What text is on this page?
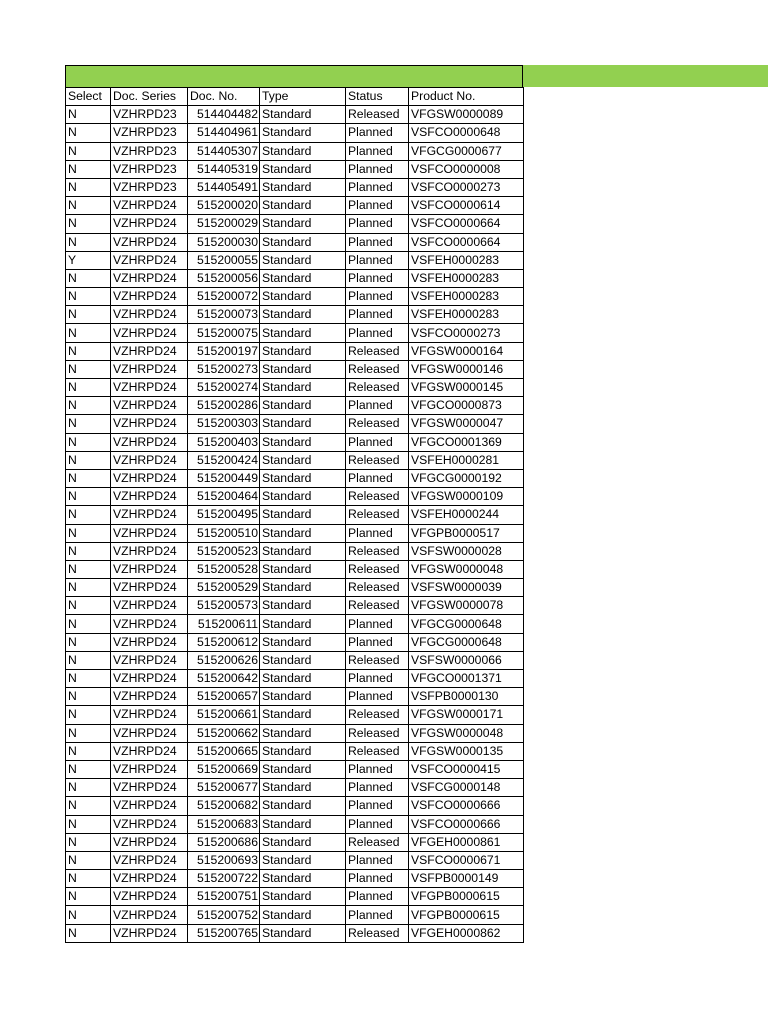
Select	Doc. Series	Doc. No.	Type	Status	Product No.
N	VZHRPD23	514404482	Standard	Released	VFGSW0000089
N	VZHRPD23	514404961	Standard	Planned	VSFCO0000648
N	VZHRPD23	514405307	Standard	Planned	VFGCG0000677
N	VZHRPD23	514405319	Standard	Planned	VSFCO0000008
N	VZHRPD23	514405491	Standard	Planned	VSFCO0000273
N	VZHRPD24	515200020	Standard	Planned	VSFCO0000614
N	VZHRPD24	515200029	Standard	Planned	VSFCO0000664
N	VZHRPD24	515200030	Standard	Planned	VSFCO0000664
Y	VZHRPD24	515200055	Standard	Planned	VSFEH0000283
N	VZHRPD24	515200056	Standard	Planned	VSFEH0000283
N	VZHRPD24	515200072	Standard	Planned	VSFEH0000283
N	VZHRPD24	515200073	Standard	Planned	VSFEH0000283
N	VZHRPD24	515200075	Standard	Planned	VSFCO0000273
N	VZHRPD24	515200197	Standard	Released	VFGSW0000164
N	VZHRPD24	515200273	Standard	Released	VFGSW0000146
N	VZHRPD24	515200274	Standard	Released	VFGSW0000145
N	VZHRPD24	515200286	Standard	Planned	VFGCO0000873
N	VZHRPD24	515200303	Standard	Released	VFGSW0000047
N	VZHRPD24	515200403	Standard	Planned	VFGCO0001369
N	VZHRPD24	515200424	Standard	Released	VSFEH0000281
N	VZHRPD24	515200449	Standard	Planned	VFGCG0000192
N	VZHRPD24	515200464	Standard	Released	VFGSW0000109
N	VZHRPD24	515200495	Standard	Released	VSFEH0000244
N	VZHRPD24	515200510	Standard	Planned	VFGPB0000517
N	VZHRPD24	515200523	Standard	Released	VSFSW0000028
N	VZHRPD24	515200528	Standard	Released	VFGSW0000048
N	VZHRPD24	515200529	Standard	Released	VSFSW0000039
N	VZHRPD24	515200573	Standard	Released	VFGSW0000078
N	VZHRPD24	515200611	Standard	Planned	VFGCG0000648
N	VZHRPD24	515200612	Standard	Planned	VFGCG0000648
N	VZHRPD24	515200626	Standard	Released	VSFSW0000066
N	VZHRPD24	515200642	Standard	Planned	VFGCO0001371
N	VZHRPD24	515200657	Standard	Planned	VSFPB0000130
N	VZHRPD24	515200661	Standard	Released	VFGSW0000171
N	VZHRPD24	515200662	Standard	Released	VFGSW0000048
N	VZHRPD24	515200665	Standard	Released	VFGSW0000135
N	VZHRPD24	515200669	Standard	Planned	VSFCO0000415
N	VZHRPD24	515200677	Standard	Planned	VSFCG0000148
N	VZHRPD24	515200682	Standard	Planned	VSFCO0000666
N	VZHRPD24	515200683	Standard	Planned	VSFCO0000666
N	VZHRPD24	515200686	Standard	Released	VFGEH0000861
N	VZHRPD24	515200693	Standard	Planned	VSFCO0000671
N	VZHRPD24	515200722	Standard	Planned	VSFPB0000149
N	VZHRPD24	515200751	Standard	Planned	VFGPB0000615
N	VZHRPD24	515200752	Standard	Planned	VFGPB0000615
N	VZHRPD24	515200765	Standard	Released	VFGEH0000862
